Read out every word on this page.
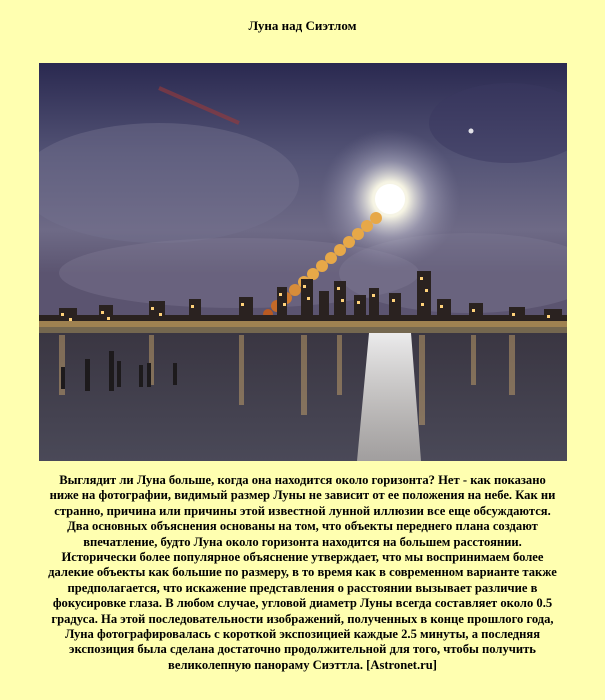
Луна над Сиэтлом
Выглядит ли Луна больше, когда она находится около горизонта? Нет - как показано
ниже на фотографии, видимый размер Луны не зависит от ее положения на небе. Как ни
странно, причина или причины этой известной лунной иллюзии все еще обсуждаются.
Два основных объяснения основаны на том, что объекты переднего плана создают
впечатление, будто Луна около горизонта находится на большем расстоянии.
Исторически более популярное объяснение утверждает, что мы воспринимаем более
далекие объекты как большие по размеру, в то время как в современном варианте также
предполагается, что искажение представления о расстоянии вызывает различие в
фокусировке глаза. В любом случае, угловой диаметр Луны всегда составляет около 0.5
градуса. На этой последовательности изображений, полученных в конце прошлого года,
Луна фотографировалась с короткой экспозицией каждые 2.5 минуты, а последняя
экспозиция была сделана достаточно продолжительной для того, чтобы получить
великолепную панораму Сиэттла. [Astronet.ru]
